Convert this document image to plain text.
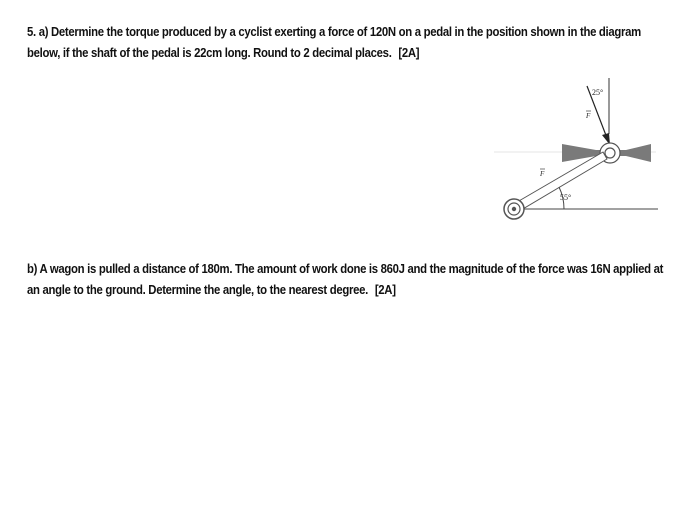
5. a) Determine the torque produced by a cyclist exerting a force of 120N on a pedal in the position shown in the diagram
below, if the shaft of the pedal is 22cm long. Round to 2 decimal places. [2A]
25°
F
55°
F
b) A wagon is pulled a distance of 180m. The amount of work done is 860J and the magnitude of the force was 16N applied at
an angle to the ground. Determine the angle, to the nearest degree. [2A]
